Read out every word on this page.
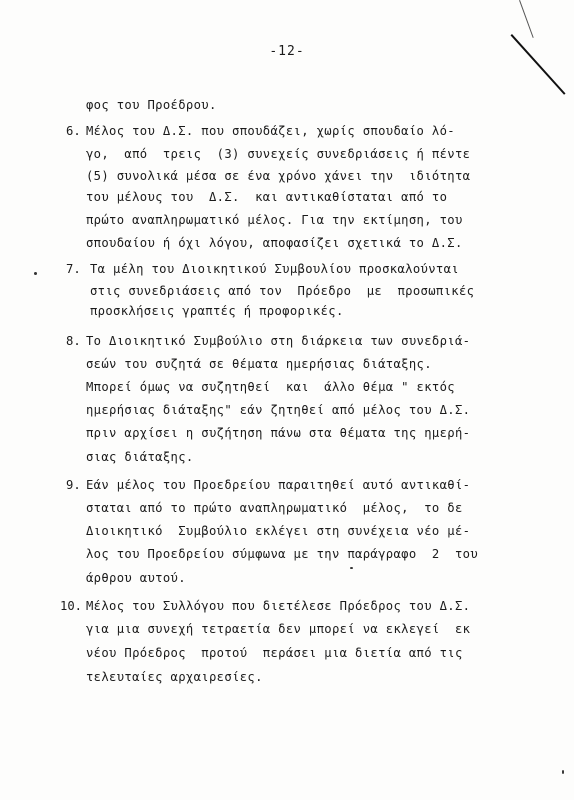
-12-
φος του Προέδρου.
6. Μέλος του Δ.Σ. που σπουδάζει, χωρίς σπουδαίο λό-
γο,  από  τρεις  (3) συνεχείς συνεδριάσεις ή πέντε
(5) συνολικά μέσα σε ένα χρόνο χάνει την  ιδιότητα
του μέλους του  Δ.Σ.  και αντικαθίσταται από το
πρώτο αναπληρωματικό μέλος. Για την εκτίμηση, του
σπουδαίου ή όχι λόγου, αποφασίζει σχετικά το Δ.Σ.
7. Τα μέλη του Διοικητικού Συμβουλίου προσκαλούνται
στις συνεδριάσεις από τον  Πρόεδρο  με  προσωπικές
προσκλήσεις γραπτές ή προφορικές.
8. Το Διοικητικό Συμβούλιο στη διάρκεια των συνεδριά-
σεών του συζητά σε θέματα ημερήσιας διάταξης.
Μπορεί όμως να συζητηθεί  και  άλλο θέμα " εκτός
ημερήσιας διάταξης" εάν ζητηθεί από μέλος του Δ.Σ.
πριν αρχίσει η συζήτηση πάνω στα θέματα της ημερή-
σιας διάταξης.
9. Εάν μέλος του Προεδρείου παραιτηθεί αυτό αντικαθί-
σταται από το πρώτο αναπληρωματικό  μέλος,  το δε
Διοικητικό  Συμβούλιο εκλέγει στη συνέχεια νέο μέ-
λος του Προεδρείου σύμφωνα με την παράγραφο  2  του
άρθρου αυτού.
10. Μέλος του Συλλόγου που διετέλεσε Πρόεδρος του Δ.Σ.
για μια συνεχή τετραετία δεν μπορεί να εκλεγεί  εκ
νέου Πρόεδρος  προτού  περάσει μια διετία από τις
τελευταίες αρχαιρεσίες.
